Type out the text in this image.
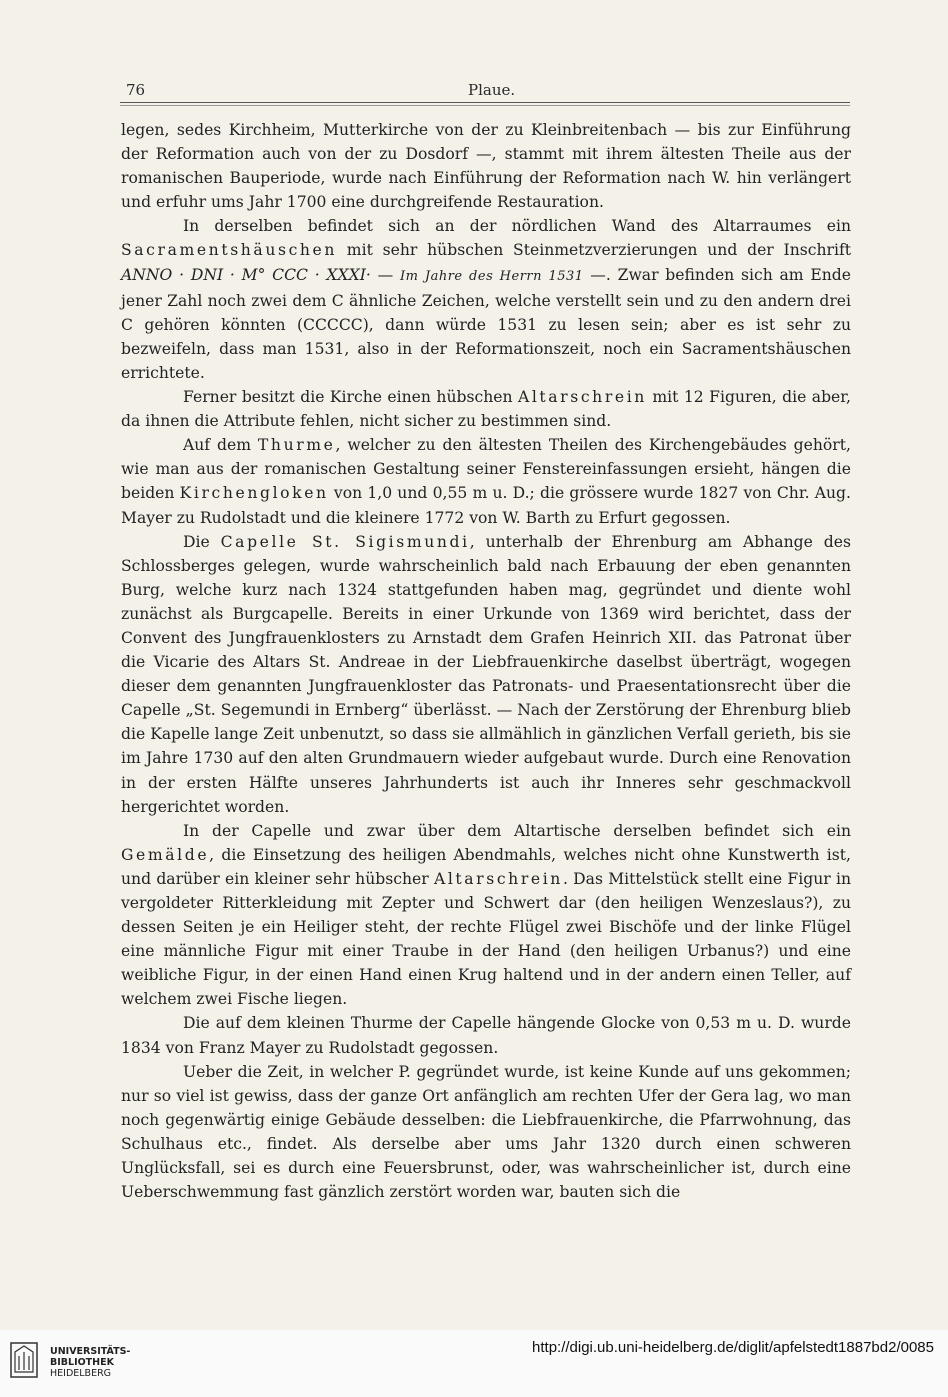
76	Plaue.

legen, sedes Kirchheim, Mutterkirche von der zu Kleinbreitenbach — bis zur Einführung der Reformation auch von der zu Dosdorf —, stammt mit ihrem ältesten Theile aus der romanischen Bauperiode, wurde nach Einführung der Reformation nach W. hin verlängert und erfuhr ums Jahr 1700 eine durchgreifende Restauration.

In derselben befindet sich an der nördlichen Wand des Altarraumes ein Sacramentshäuschen mit sehr hübschen Steinmetzverzierungen und der Inschrift ANNO · DNI · M° CCC · XXXI· — Im Jahre des Herrn 1531 —. Zwar befinden sich am Ende jener Zahl noch zwei dem C ähnliche Zeichen, welche verstellt sein und zu den andern drei C gehören könnten (CCCCC), dann würde 1531 zu lesen sein; aber es ist sehr zu bezweifeln, dass man 1531, also in der Reformationszeit, noch ein Sacramentshäuschen errichtete.

Ferner besitzt die Kirche einen hübschen Altarschrein mit 12 Figuren, die aber, da ihnen die Attribute fehlen, nicht sicher zu bestimmen sind.

Auf dem Thurme, welcher zu den ältesten Theilen des Kirchengebäudes gehört, wie man aus der romanischen Gestaltung seiner Fenstereinfassungen ersieht, hängen die beiden Kirchengloken von 1,0 und 0,55 m u. D.; die grössere wurde 1827 von Chr. Aug. Mayer zu Rudolstadt und die kleinere 1772 von W. Barth zu Erfurt gegossen.

Die Capelle St. Sigismundi, unterhalb der Ehrenburg am Abhange des Schlossberges gelegen, wurde wahrscheinlich bald nach Erbauung der eben genannten Burg, welche kurz nach 1324 stattgefunden haben mag, gegründet und diente wohl zunächst als Burgcapelle. Bereits in einer Urkunde von 1369 wird berichtet, dass der Convent des Jungfrauenklosters zu Arnstadt dem Grafen Heinrich XII. das Patronat über die Vicarie des Altars St. Andreae in der Liebfrauenkirche daselbst überträgt, wogegen dieser dem genannten Jungfrauenkloster das Patronats- und Praesentationsrecht über die Capelle „St. Segemundi in Ernberg“ überlässt. — Nach der Zerstörung der Ehrenburg blieb die Kapelle lange Zeit unbenutzt, so dass sie allmählich in gänzlichen Verfall gerieth, bis sie im Jahre 1730 auf den alten Grundmauern wieder aufgebaut wurde. Durch eine Renovation in der ersten Hälfte unseres Jahrhunderts ist auch ihr Inneres sehr geschmackvoll hergerichtet worden.

In der Capelle und zwar über dem Altartische derselben befindet sich ein Gemälde, die Einsetzung des heiligen Abendmahls, welches nicht ohne Kunstwerth ist, und darüber ein kleiner sehr hübscher Altarschrein. Das Mittelstück stellt eine Figur in vergoldeter Ritterkleidung mit Zepter und Schwert dar (den heiligen Wenzeslaus?), zu dessen Seiten je ein Heiliger steht, der rechte Flügel zwei Bischöfe und der linke Flügel eine männliche Figur mit einer Traube in der Hand (den heiligen Urbanus?) und eine weibliche Figur, in der einen Hand einen Krug haltend und in der andern einen Teller, auf welchem zwei Fische liegen.

Die auf dem kleinen Thurme der Capelle hängende Glocke von 0,53 m u. D. wurde 1834 von Franz Mayer zu Rudolstadt gegossen.

Ueber die Zeit, in welcher P. gegründet wurde, ist keine Kunde auf uns gekommen; nur so viel ist gewiss, dass der ganze Ort anfänglich am rechten Ufer der Gera lag, wo man noch gegenwärtig einige Gebäude desselben: die Liebfrauenkirche, die Pfarrwohnung, das Schulhaus etc., findet. Als derselbe aber ums Jahr 1320 durch einen schweren Unglücksfall, sei es durch eine Feuersbrunst, oder, was wahrscheinlicher ist, durch eine Ueberschwemmung fast gänzlich zerstört worden war, bauten sich die

UNIVERSITÄTS-
BIBLIOTHEK
HEIDELBERG
http://digi.ub.uni-heidelberg.de/diglit/apfelstedt1887bd2/0085
